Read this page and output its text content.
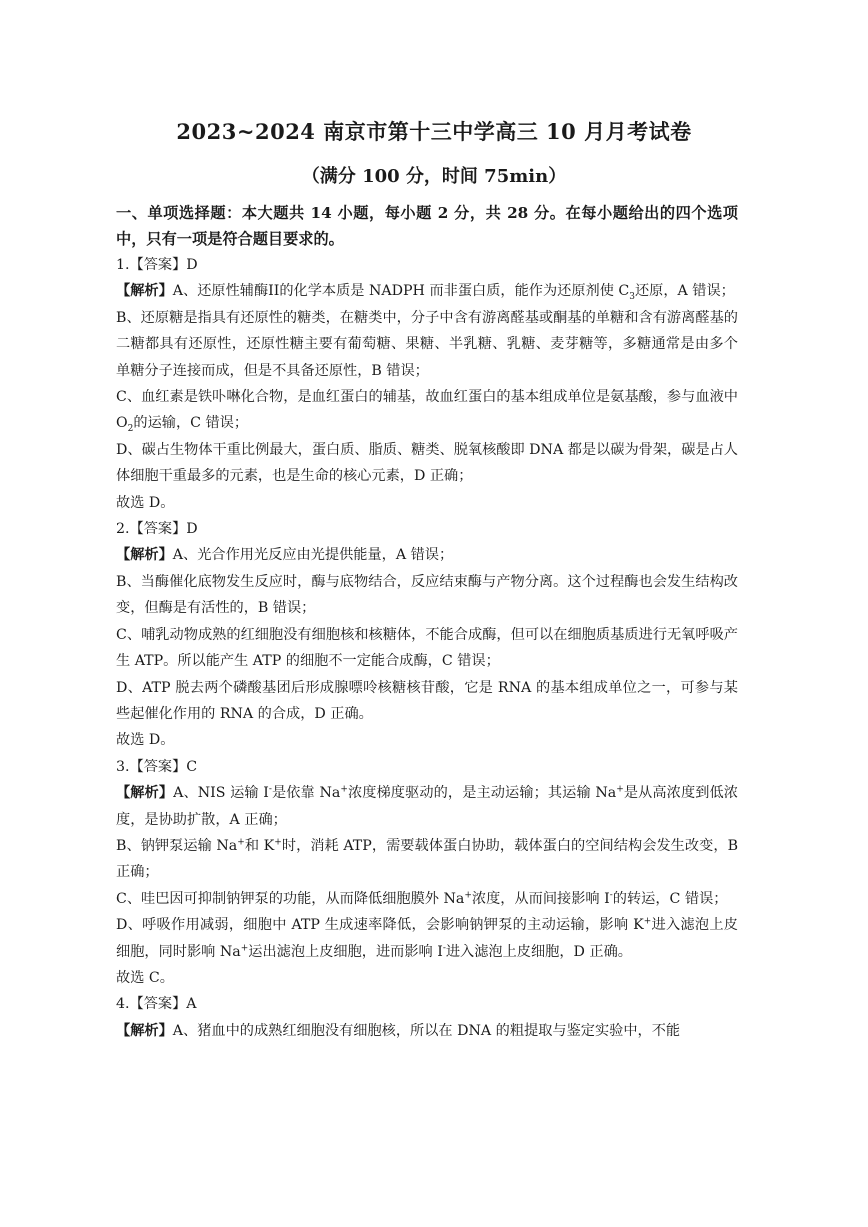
2023~2024 南京市第十三中学高三 10 月月考试卷
（满分 100 分，时间 75min）

一、单项选择题：本大题共 14 小题，每小题 2 分，共 28 分。在每小题给出的四个选项中，只有一项是符合题目要求的。

1.【答案】D

【解析】A、还原性辅酶II的化学本质是 NADPH 而非蛋白质，能作为还原剂使 $C_3$还原，A 错误；

B、还原糖是指具有还原性的糖类，在糖类中，分子中含有游离醛基或酮基的单糖和含有游离醛基的二糖都具有还原性，还原性糖主要有葡萄糖、果糖、半乳糖、乳糖、麦芽糖等，多糖通常是由多个单糖分子连接而成，但是不具备还原性，B 错误；

C、血红素是铁卟啉化合物，是血红蛋白的辅基，故血红蛋白的基本组成单位是氨基酸，参与血液中 $O_2$的运输，C 错误；

D、碳占生物体干重比例最大，蛋白质、脂质、糖类、脱氧核酸即 DNA 都是以碳为骨架，碳是占人体细胞干重最多的元素，也是生命的核心元素，D 正确；

故选 D。

2.【答案】D

【解析】A、光合作用光反应由光提供能量，A 错误；

B、当酶催化底物发生反应时，酶与底物结合，反应结束酶与产物分离。这个过程酶也会发生结构改变，但酶是有活性的，B 错误；

C、哺乳动物成熟的红细胞没有细胞核和核糖体，不能合成酶，但可以在细胞质基质进行无氧呼吸产生 ATP。所以能产生 ATP 的细胞不一定能合成酶，C 错误；

D、ATP 脱去两个磷酸基团后形成腺嘌呤核糖核苷酸，它是 RNA 的基本组成单位之一，可参与某些起催化作用的 RNA 的合成，D 正确。

故选 D。

3.【答案】C

【解析】A、NIS 运输 I-是依靠 Na+浓度梯度驱动的，是主动运输；其运输 Na+是从高浓度到低浓度，是协助扩散，A 正确；

B、钠钾泵运输 Na+和 K+时，消耗 ATP，需要载体蛋白协助，载体蛋白的空间结构会发生改变，B 正确；

C、哇巴因可抑制钠钾泵的功能，从而降低细胞膜外 Na+浓度，从而间接影响 I-的转运，C 错误；

D、呼吸作用减弱，细胞中 ATP 生成速率降低，会影响钠钾泵的主动运输，影响 K+进入滤泡上皮细胞，同时影响 Na+运出滤泡上皮细胞，进而影响 I-进入滤泡上皮细胞，D 正确。

故选 C。

4.【答案】A

【解析】A、猪血中的成熟红细胞没有细胞核，所以在 DNA 的粗提取与鉴定实验中，不能
